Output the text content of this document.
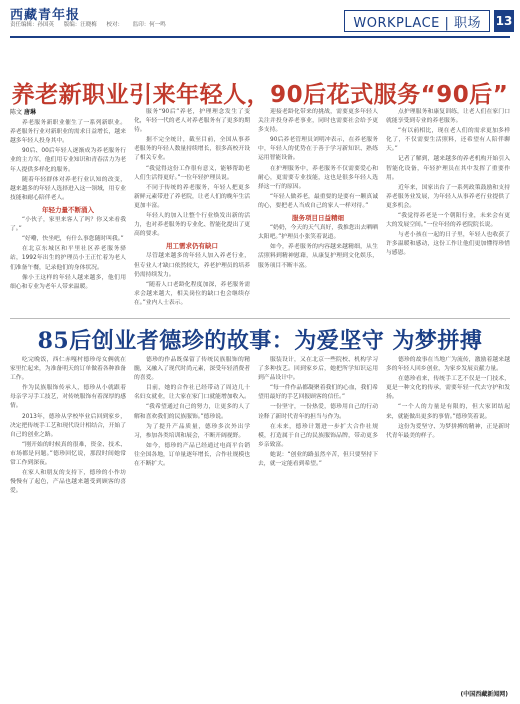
西藏青年报
责任编辑：孙国英 版编：汪晓梅 校对： 监印：何一鸣	WORKPLACE | 职场	13
养老新职业引来年轻人，90后花式服务“90后”
陈文 唐琳

养老服务新职业催生了一系列新职业。养老服务行业对新职业的需求日益增长，越来越多年轻人投身其中。

90后、00后年轻人逐渐成为养老服务行业的主力军，他们用专业知识和青春活力为老年人提供多样化的服务。

随着年轻群体对养老行业认知的改变，越来越多的年轻人选择进入这一领域，用专业技能和耐心陪伴老人。

年轻力量不断涌入

“小伙子，家里来客人了吗？你又来看我了。”

“好嘞，快坐吧，有什么事您随时叫我。”

在北京东城区和平里社区养老服务驿站，1992年出生的护理员小王正忙着为老人们准备午餐，记录他们的身体状况。

像小王这样的年轻人越来越多，他们用细心和专业为老年人带来温暖。

服务“90后”养老，护理理念发生了变化，年轻一代的老人对养老服务有了更多的期待。

据不完全统计，截至目前，全国从事养老服务的年轻人数量持续增长，很多高校开设了相关专业。

“我觉得这份工作很有意义，能够帮助老人们生活得更好。”一位年轻护理员说。

不同于传统的养老服务，年轻人把更多新鲜元素带进了养老院，让老人们的晚年生活更加丰富。

年轻人的加入让整个行业焕发出新的活力，也对养老服务的专业化、智能化提出了更高的要求。

用工需求仍有缺口

尽管越来越多的年轻人加入养老行业，但专业人才缺口依然较大，养老护理员的培养仍需持续发力。

“随着人口老龄化程度加深，养老服务需求会越来越大，相关岗位的缺口也会继续存在。”业内人士表示。

迎接老龄化带来的挑战，需要更多年轻人关注并投身养老事业，同时也需要社会给予更多支持。

90后养老管理员刘明冲表示，在养老服务中，年轻人的优势在于善于学习新知识、熟练运用智能设备。

在护理服务中，养老服务不仅需要爱心和耐心，更需要专业技能，这也是很多年轻人选择这一行的原因。

“年轻人做养老，最重要的是要有一颗真诚的心，要把老人当成自己的家人一样对待。”

服务项目日益精细

“奶奶，今天的天气真好，我推您出去晒晒太阳吧。”护理员小张笑着说道。

如今，养老服务的内容越来越精细，从生活照料到精神慰藉，从康复护理到文化娱乐，服务项目不断丰富。

点护理服务和康复训练，让老人们在家门口就能享受到专业的养老服务。

“有以前相比，现在老人们的需求更加多样化了，不仅需要生活照料，还希望有人陪伴聊天。”

记者了解到，越来越多的养老机构开始引入智能化设备，年轻护理员在其中发挥了重要作用。

近年来，国家出台了一系列政策鼓励和支持养老服务业发展，为年轻人从事养老行业提供了更多机会。

“我觉得养老是一个朝阳行业，未来会有更大的发展空间。”一位年轻的养老院院长说。

与老小孩在一起的日子里，年轻人也收获了许多温暖和感动，这份工作让他们更加懂得珍惜与感恩。

85后创业者德珍的故事：为爱坚守 为梦拼搏

吃完晚饭，西仁赤嘎村德珍母女俩就在家里忙起来，为准备明天的订单做着各种准备工作。

作为民族服饰传承人，德珍从小就跟着母亲学习手工技艺，对传统服饰有着深厚的感情。

2013年，德珍从学校毕业后回到家乡，决定把传统手工艺和现代设计相结合，开始了自己的创业之路。

“刚开始的时候真的很难，资金、技术、市场都是问题。”德珍回忆说，那段时间她常常工作到深夜。

在家人和朋友的支持下，德珍的小作坊慢慢有了起色，产品也越来越受到顾客的喜爱。

德珍的作品既保留了传统民族服饰的精髓，又融入了现代时尚元素，深受年轻消费者的喜爱。

目前，她的合作社已经带动了周边几十名妇女就业，让大家在家门口就能增加收入。

“我希望通过自己的努力，让更多的人了解和喜欢我们的民族服饰。”德珍说。

为了提升产品质量，德珍多次外出学习，参加各类培训和展会，不断开阔视野。

如今，德珍的产品已经通过电商平台销往全国各地，订单量逐年增长，合作社规模也在不断扩大。

服装设计，又在北京一些院校、机构学习了多种技艺。回到家乡后，她把所学知识运用到产品设计中。

“每一件作品都凝聚着我们的心血，我们希望用最好的手艺回报顾客的信任。”

一份坚守，一份热爱，德珍用自己的行动诠释了新时代青年的担当与作为。

在未来，德珍计划进一步扩大合作社规模，打造属于自己的民族服饰品牌，带动更多乡亲致富。

她说：“创业的路虽然辛苦，但只要坚持下去，就一定能看到希望。”

德珍的故事在当地广为流传，激励着越来越多的年轻人回乡创业，为家乡发展贡献力量。

在德珍看来，传统手工艺不仅是一门技术，更是一种文化的传承，需要年轻一代去守护和发扬。

“一个人的力量是有限的，但大家团结起来，就能做出更多的事情。”德珍笑着说。

这份为爱坚守、为梦拼搏的精神，正是新时代青年最美的样子。

(中国西藏新闻网)
